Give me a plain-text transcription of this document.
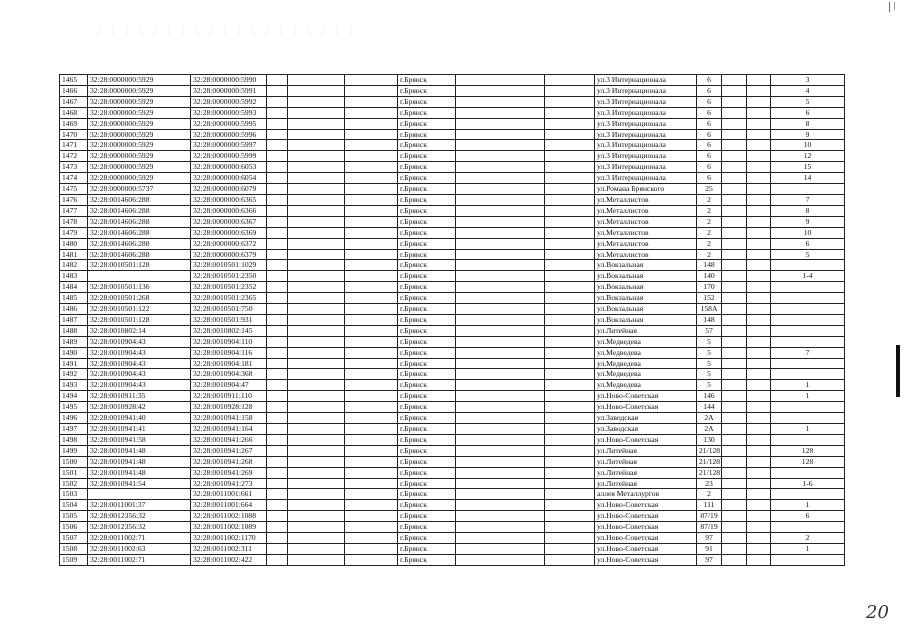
1465	32:28:0000000:5929	32:28:0000000:5990				г.Брянск			ул.3 Интернационала	6			3
1466	32:28:0000000:5929	32:28:0000000:5991				г.Брянск			ул.3 Интернационала	6			4
1467	32:28:0000000:5929	32:28:0000000:5992				г.Брянск			ул.3 Интернационала	6			5
1468	32:28:0000000:5929	32:28:0000000:5993				г.Брянск			ул.3 Интернационала	6			6
1469	32:28:0000000:5929	32:28:0000000:5995				г.Брянск			ул.3 Интернационала	6			8
1470	32:28:0000000:5929	32:28:0000000:5996				г.Брянск			ул.3 Интернационала	6			9
1471	32:28:0000000:5929	32:28:0000000:5997				г.Брянск			ул.3 Интернационала	6			10
1472	32:28:0000000:5929	32:28:0000000:5999				г.Брянск			ул.3 Интернационала	6			12
1473	32:28:0000000:5929	32:28:0000000:6053				г.Брянск			ул.3 Интернационала	6			15
1474	32:28:0000000:5929	32:28:0000000:6054				г.Брянск			ул.3 Интернационала	6			14
1475	32:28:0000000:5737	32:28:0000000:6079				г.Брянск			ул.Романа Брянского	25			
1476	32:28:0014606:288	32:28:0000000:6365				г.Брянск			ул.Металлистов	2			7
1477	32:28:0014606:288	32:28:0000000:6366				г.Брянск			ул.Металлистов	2			8
1478	32:28:0014606:288	32:28:0000000:6367				г.Брянск			ул.Металлистов	2			9
1479	32:28:0014606:288	32:28:0000000:6369				г.Брянск			ул.Металлистов	2			10
1480	32:28:0014606:288	32:28:0000000:6372				г.Брянск			ул.Металлистов	2			6
1481	32:28:0014606:288	32:28:0000000:6379				г.Брянск			ул.Металлистов	2			5
1482	32:28:0010501:128	32:28:0010501:1029				г.Брянск			ул.Вокзальная	148			
1483		32:28:0010501:2350				г.Брянск			ул.Вокзальная	140			1-4
1484	32:28:0010501:136	32:28:0010501:2352				г.Брянск			ул.Вокзальная	170			
1485	32:28:0010501:268	32:28:0010501:2365				г.Брянск			ул.Вокзальная	152			
1486	32:28:0010501:122	32:28:0010501:750				г.Брянск			ул.Вокзальная	158А			
1487	32:28:0010501:128	32:28:0010501:931				г.Брянск			ул.Вокзальная	148			
1488	32:28:0010802:14	32:28:0010802:145				г.Брянск			ул.Литейная	57			
1489	32:28:0010904:43	32:28:0010904:110				г.Брянск			ул.Медведева	5			
1490	32:28:0010904:43	32:28:0010904:116				г.Брянск			ул.Медведева	5			7
1491	32:28:0010904:43	32:28:0010904:181				г.Брянск			ул.Медведева	5			
1492	32:28:0010904:43	32:28:0010904:368				г.Брянск			ул.Медведева	5			
1493	32:28:0010904:43	32:28:0010904:47				г.Брянск			ул.Медведева	5			1
1494	32:28:0010911:35	32:28:0010911:110				г.Брянск			ул.Ново-Советская	146			1
1495	32:28:0010928:42	32:28:0010928:128				г.Брянск			ул.Ново-Советская	144			
1496	32:28:0010941:40	32:28:0010941:158				г.Брянск			ул.Заводская	2А			
1497	32:28:0010941:41	32:28:0010941:164				г.Брянск			ул.Заводская	2А			1
1498	32:28:0010941:58	32:28:0010941:266				г.Брянск			ул.Ново-Советская	130			
1499	32:28:0010941:48	32:28:0010941:267				г.Брянск			ул.Литейная	21/128			128
1500	32:28:0010941:48	32:28:0010941:268				г.Брянск			ул.Литейная	21/128			128
1501	32:28:0010941:48	32:28:0010941:269				г.Брянск			ул.Литейная	21/128			
1502	32:28:0010941:54	32:28:0010941:273				г.Брянск			ул.Литейная	23			1-6
1503		32:28:0011001:661				г.Брянск			аллея Металлургов	2			
1504	32:28:0011001:37	32:28:0011001:664				г.Брянск			ул.Ново-Советская	111			1
1505	32:28:0012356:32	32:28:0011002:1088				г.Брянск			ул.Ново-Советская	87/19			6
1506	32:28:0012356:32	32:28:0011002:1089				г.Брянск			ул.Ново-Советская	87/19			
1507	32:28:0011002:71	32:28:0011002:1170				г.Брянск			ул.Ново-Советская	97			2
1508	32:28:0011002:63	32:28:0011002:311				г.Брянск			ул.Ново-Советская	91			1
1509	32:28:0011002:71	32:28:0011002:422				г.Брянск			ул.Ново-Советская	97			
20
